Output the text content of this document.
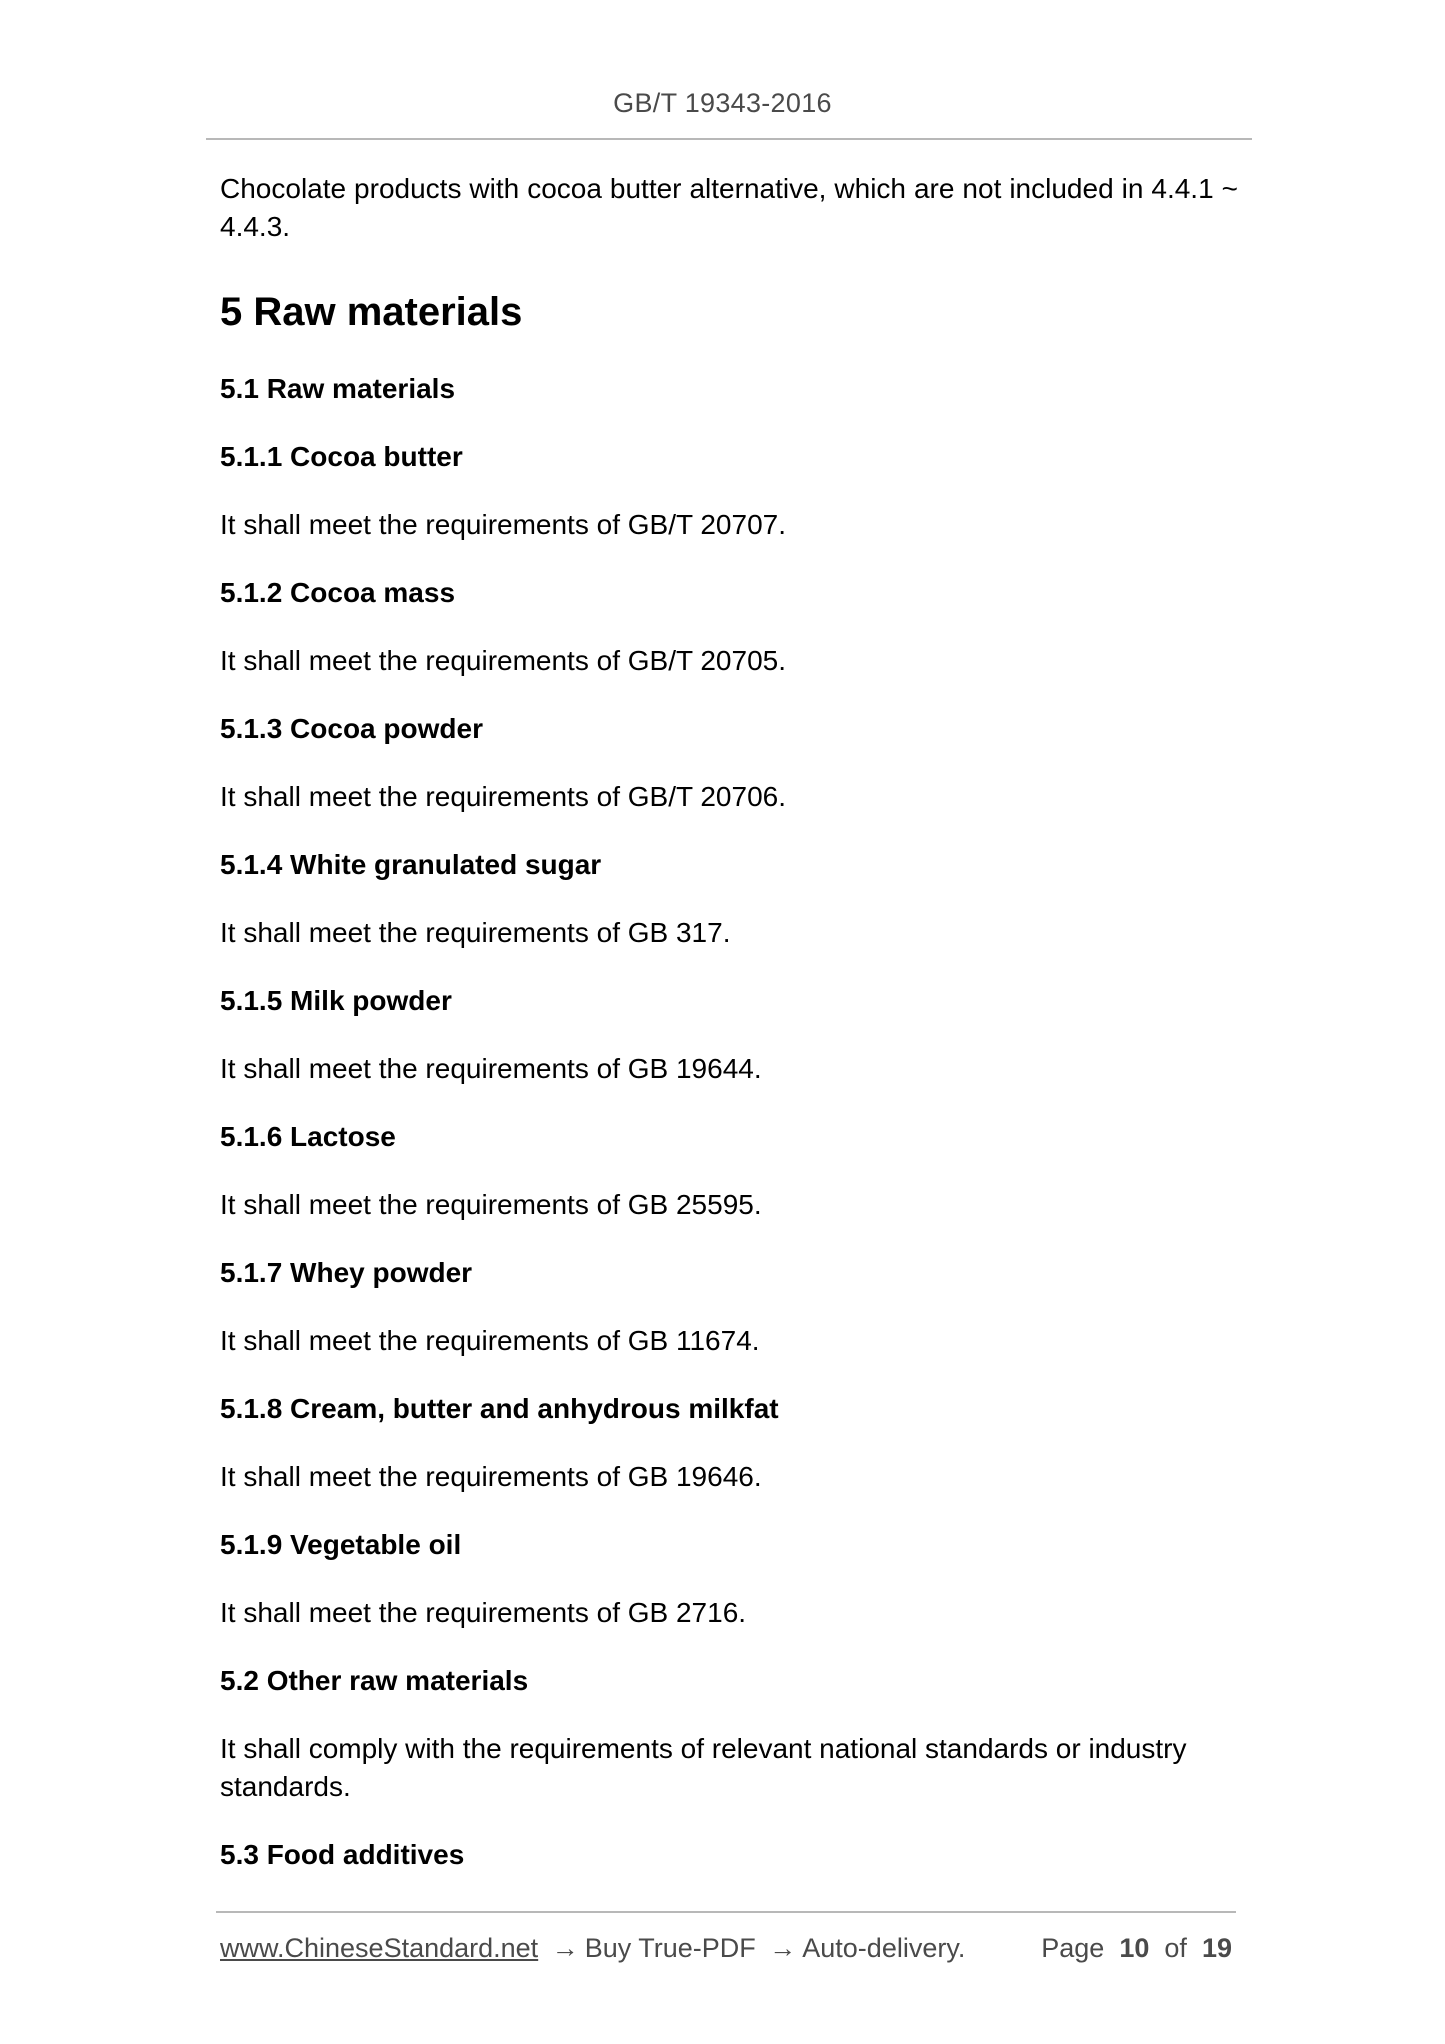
GB/T 19343-2016

Chocolate products with cocoa butter alternative, which are not included in 4.4.1 ~ 4.4.3.

5 Raw materials
5.1 Raw materials
5.1.1 Cocoa butter

It shall meet the requirements of GB/T 20707.

5.1.2 Cocoa mass

It shall meet the requirements of GB/T 20705.

5.1.3 Cocoa powder

It shall meet the requirements of GB/T 20706.

5.1.4 White granulated sugar

It shall meet the requirements of GB 317.

5.1.5 Milk powder

It shall meet the requirements of GB 19644.

5.1.6 Lactose

It shall meet the requirements of GB 25595.

5.1.7 Whey powder

It shall meet the requirements of GB 11674.

5.1.8 Cream, butter and anhydrous milkfat

It shall meet the requirements of GB 19646.

5.1.9 Vegetable oil

It shall meet the requirements of GB 2716.

5.2 Other raw materials

It shall comply with the requirements of relevant national standards or industry standards.

5.3 Food additives
www.ChineseStandard.net → Buy True-PDF → Auto-delivery.	Page 10 of 19
